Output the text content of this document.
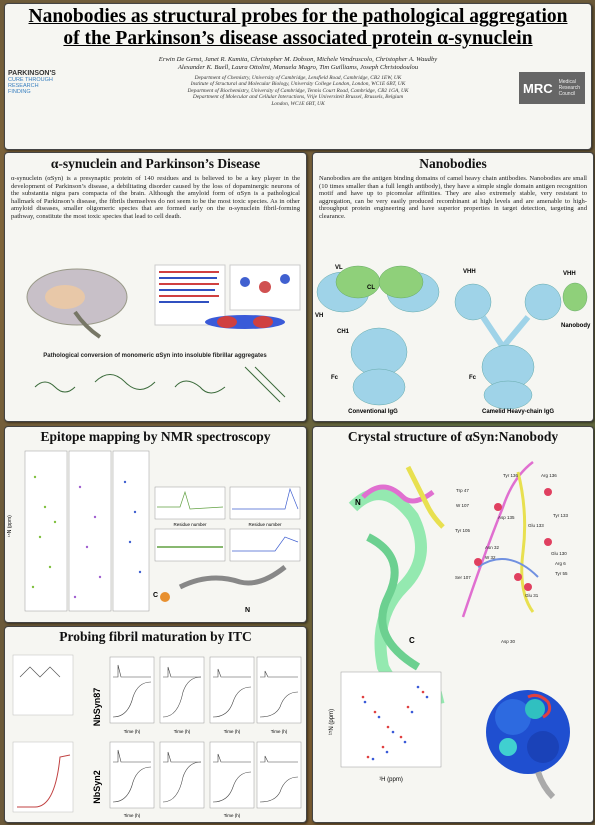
Nanobodies as structural probes for the pathological aggregation
of the Parkinson’s disease associated protein α-synuclein
Erwin De Genst, Janet R. Kumita, Christopher M. Dobson, Michele Vendruscolo, Christopher A. Waudby
Alexander K. Buell, Laura Ottolini, Manuela Magro, Tim Guilliams, Joseph Christodoulou
Department of Chemistry, University of Cambridge, Lensfield Road, Cambridge, CB2 1EW, UK
Institute of Structural and Molecular Biology, University College London, London, WC1E 6BT, UK
Department of Biochemistry, University of Cambridge, Tennis Court Road, Cambridge, CB2 1GA, UK
Department of Molecular and Cellular Interactions, Vrije Universiteit Brussel, Brussels, Belgium
London, WC1E 6BT, UK
PARKINSON'S
CURE THROUGH
RESEARCH
FINDING	MRC Medical
Research
Council
α-synuclein and Parkinson’s Disease
α-synuclein (αSyn) is a presynaptic protein of 140 residues and is believed to be a key player in the development of Parkinson’s disease, a debilitating disorder caused by the loss of dopaminergic neurons of the substantia nigra pars compacta of the brain. Although the amyloid form of αSyn is a pathological hallmark of Parkinson’s disease, the fibrils themselves do not seem to be the most toxic species. As in other amyloid diseases, smaller oligomeric species that are formed early on the α-synuclein fibril-forming pathway, constitute the most toxic species that lead to cell death.
Pathological conversion of monomeric αSyn into insoluble fibrillar aggregates
Nanobodies
Nanobodies are the antigen binding domains of camel heavy chain antibodies. Nanobodies are small (10 times smaller than a full length antibody), they have a simple single domain antigen recognition motif and have up to picomolar affinities. They are also extremely stable, very resistant to aggregation, can be very easily produced recombinant at high levels and are amenable to high-throughput protein engineering and have superior properties in target detection, targeting and clearance.
VL
CL
VH
CH1
Fc
Conventional IgG
VHH	VHH
Nanobody
Fc
Camelid Heavy-chain IgG
Epitope mapping by NMR spectroscopy
¹⁵N (ppm)	Residue number	Residue number
C
N
Probing fibril maturation by ITC
NbSyn87
NbSyn2
Time (h)	Time (h)	Time (h)	Time (h)
Time (h)	Time (h)
Crystal structure of αSyn:Nanobody
N
C
Tyr 136	Arg 136
Trp 47
W 107
Asp 135
Glu 133
Tyr 105
Tyr 133
Asn 32
Glu 130
W 32
Arg 6
Ser 107
Tyr 55
Glu 31
Asp 30
¹⁵N (ppm)
¹H (ppm)
